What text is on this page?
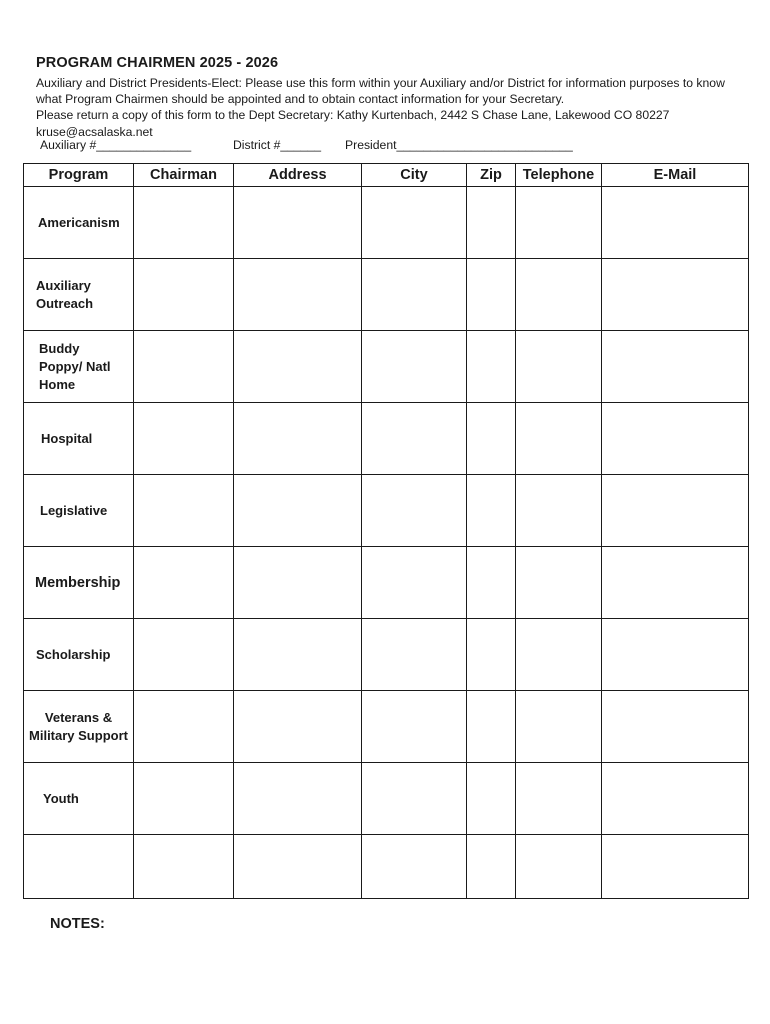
PROGRAM CHAIRMEN 2025 - 2026
Auxiliary and District Presidents-Elect: Please use this form within your Auxiliary and/or District for information purposes to know
what Program Chairmen should be appointed and to obtain contact information for your Secretary.
Please return a copy of this form to the Dept Secretary: Kathy Kurtenbach, 2442 S Chase Lane, Lakewood CO 80227
kruse@acsalaska.net
Auxiliary #______________	District #______ President__________________________
Program	Chairman	Address	City	Zip	Telephone	E-Mail

Americanism						

Auxiliary
Outreach						

Buddy
Poppy/ Natl
Home						

Hospital						

Legislative						

Membership						

Scholarship						

Veterans &
Military Support						

Youth						

NOTES:
